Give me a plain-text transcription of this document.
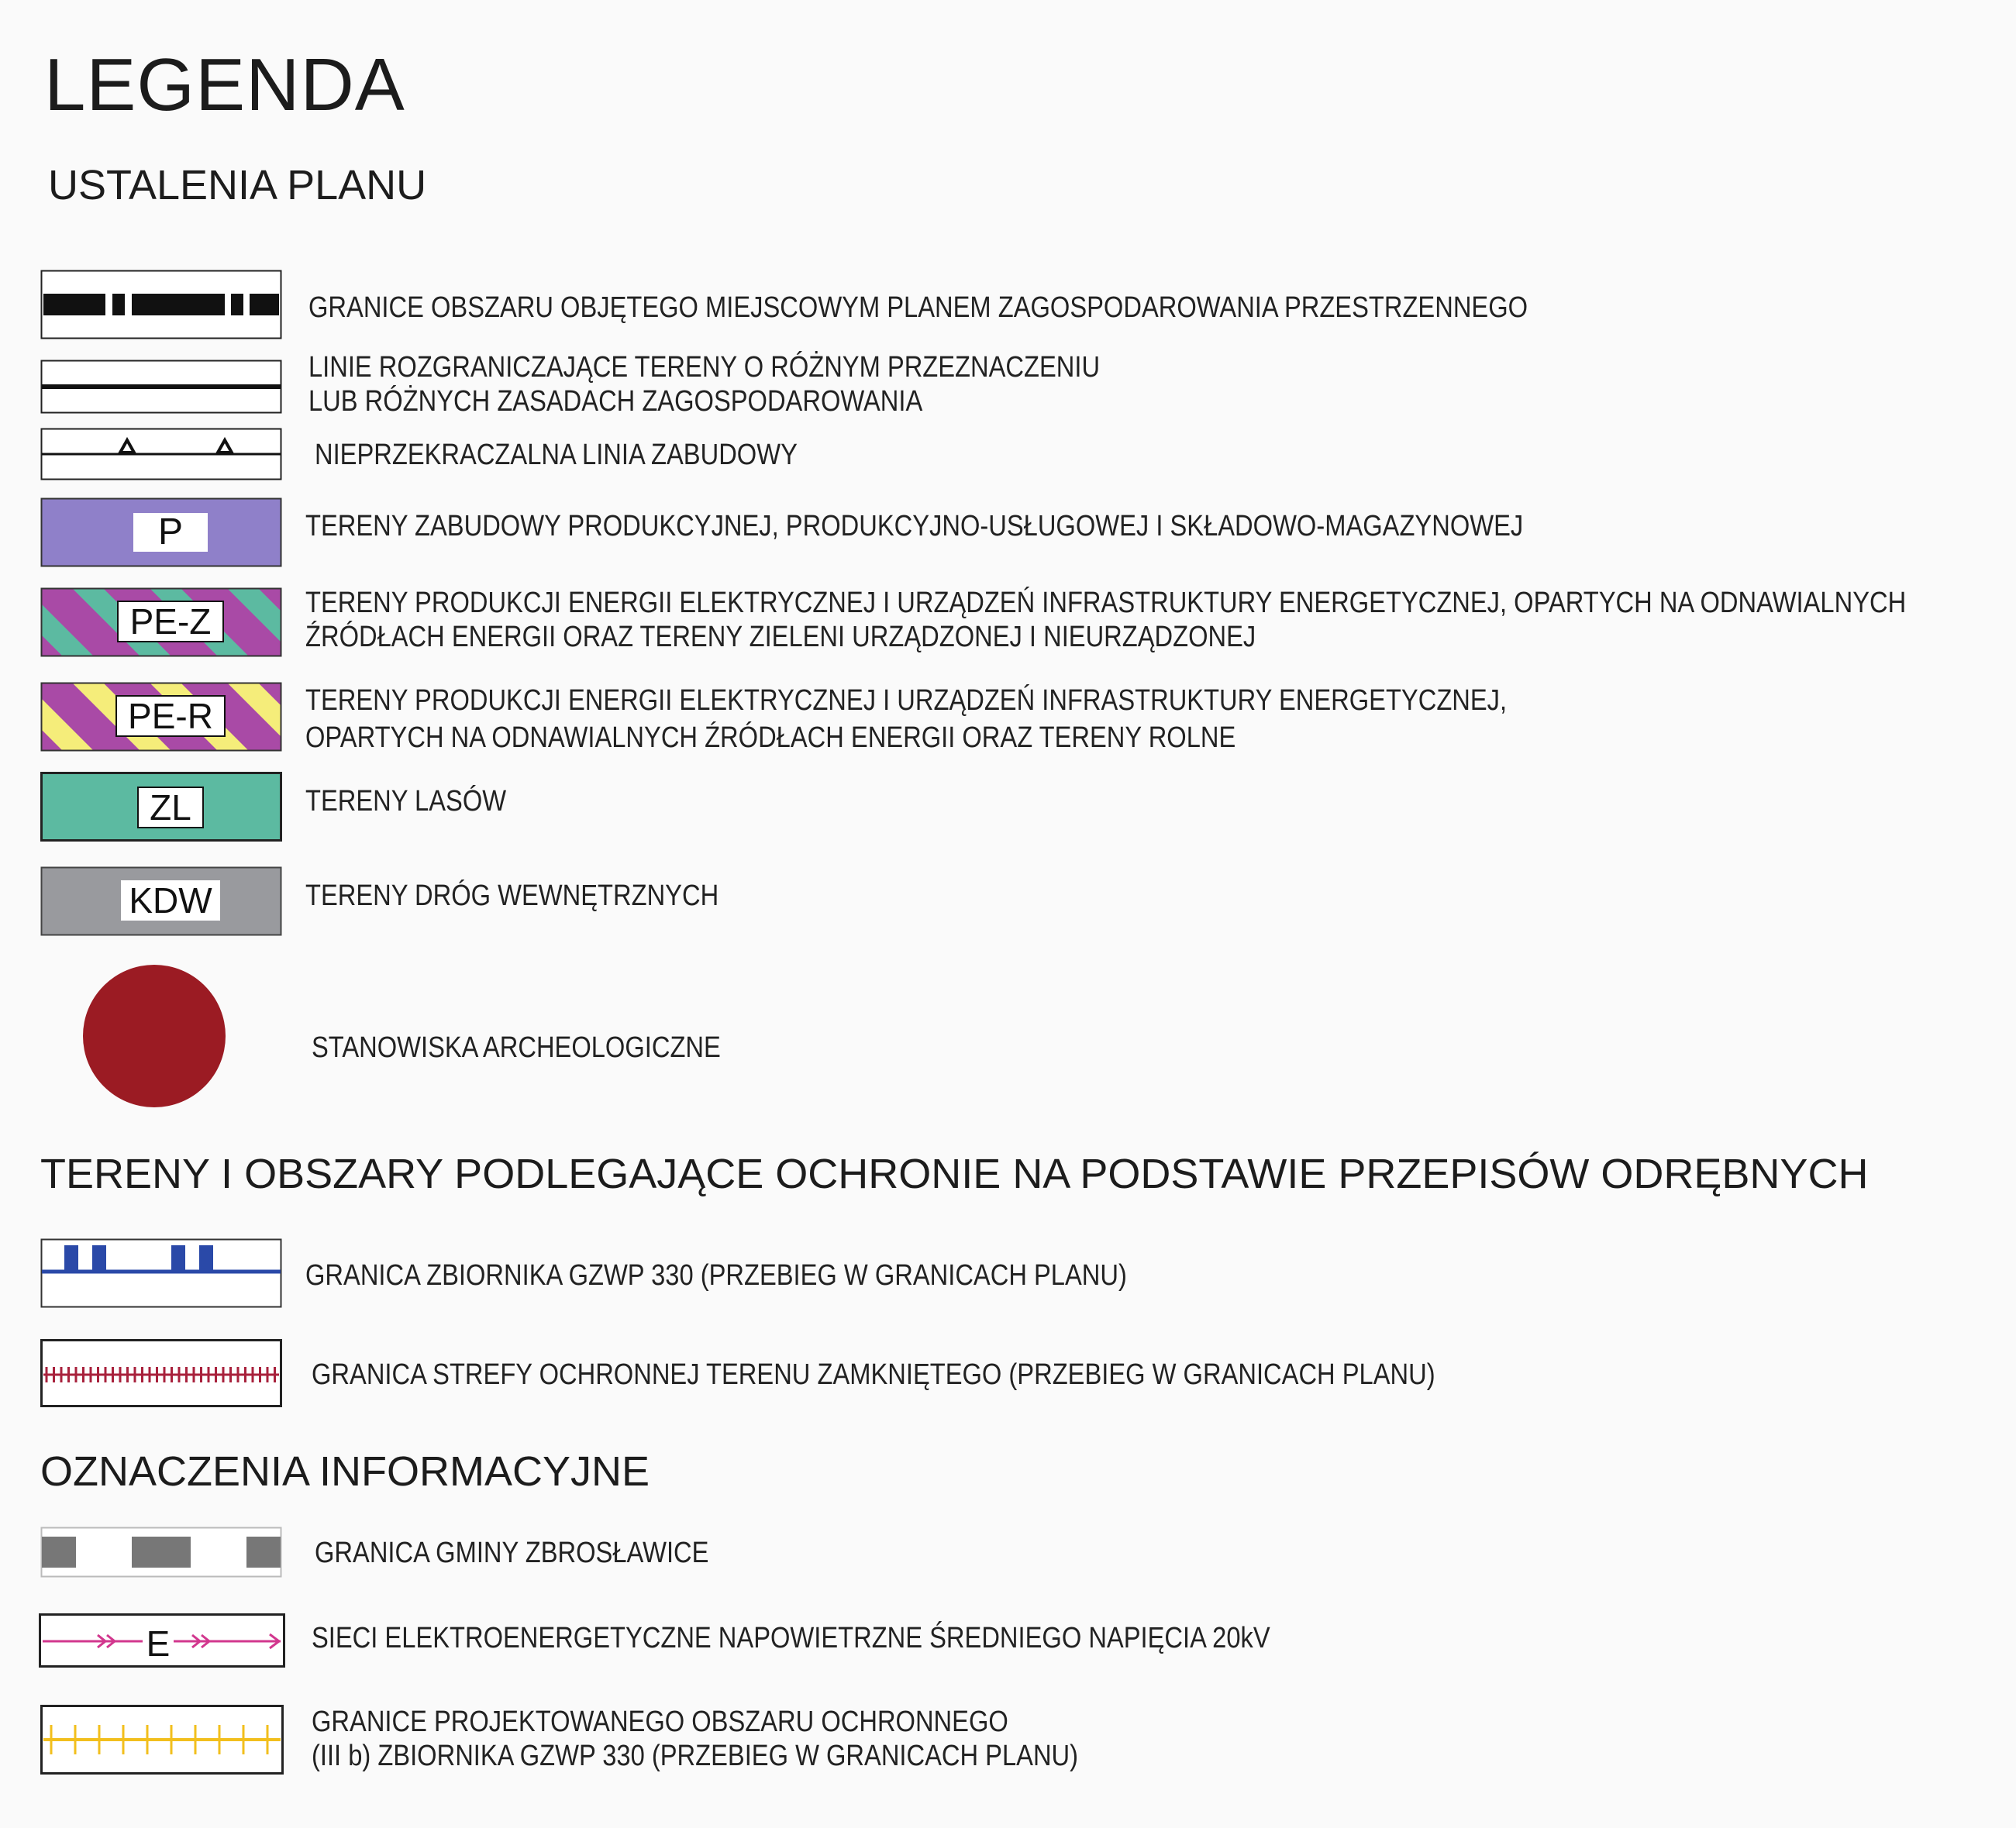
LEGENDA
USTALENIA PLANU
TERENY I OBSZARY PODLEGAJĄCE OCHRONIE NA PODSTAWIE PRZEPISÓW ODRĘBNYCH
OZNACZENIA INFORMACYJNE
GRANICE OBSZARU OBJĘTEGO MIEJSCOWYM PLANEM ZAGOSPODAROWANIA PRZESTRZENNEGO
LINIE ROZGRANICZAJĄCE TERENY O RÓŻNYM PRZEZNACZENIU
LUB RÓŻNYCH ZASADACH ZAGOSPODAROWANIA
NIEPRZEKRACZALNA LINIA ZABUDOWY
P	TERENY ZABUDOWY PRODUKCYJNEJ, PRODUKCYJNO-USŁUGOWEJ I SKŁADOWO-MAGAZYNOWEJ
PE-Z	TERENY PRODUKCJI ENERGII ELEKTRYCZNEJ I URZĄDZEŃ INFRASTRUKTURY ENERGETYCZNEJ, OPARTYCH NA ODNAWIALNYCH
ŹRÓDŁACH ENERGII ORAZ TERENY ZIELENI URZĄDZONEJ I NIEURZĄDZONEJ
PE-R	TERENY PRODUKCJI ENERGII ELEKTRYCZNEJ I URZĄDZEŃ INFRASTRUKTURY ENERGETYCZNEJ,
OPARTYCH NA ODNAWIALNYCH ŹRÓDŁACH ENERGII ORAZ TERENY ROLNE
ZL	TERENY LASÓW
KDW	TERENY DRÓG WEWNĘTRZNYCH
STANOWISKA ARCHEOLOGICZNE
GRANICA ZBIORNIKA GZWP 330 (PRZEBIEG W GRANICACH PLANU)
GRANICA STREFY OCHRONNEJ TERENU ZAMKNIĘTEGO (PRZEBIEG W GRANICACH PLANU)
GRANICA GMINY ZBROSŁAWICE
E	SIECI ELEKTROENERGETYCZNE NAPOWIETRZNE ŚREDNIEGO NAPIĘCIA 20kV
GRANICE PROJEKTOWANEGO OBSZARU OCHRONNEGO
(III b) ZBIORNIKA GZWP 330 (PRZEBIEG W GRANICACH PLANU)
